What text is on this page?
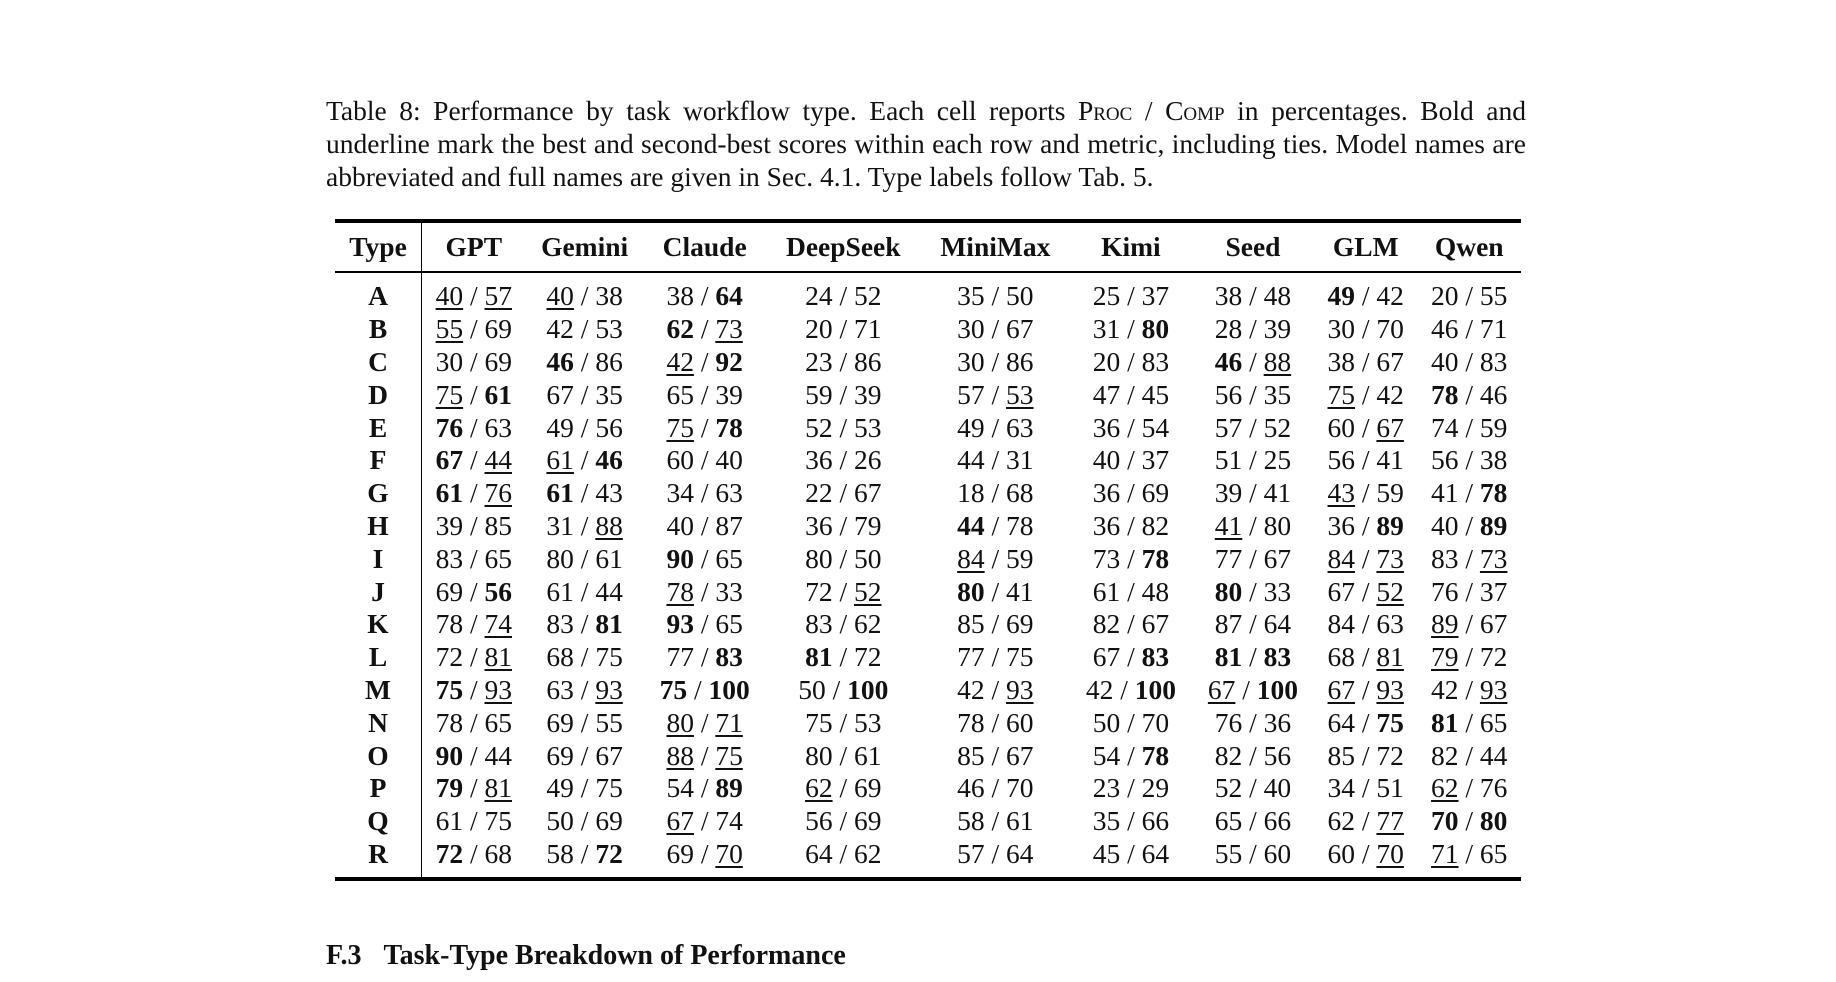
Table 8: Performance by task workflow type. Each cell reports Proc / Comp in percentages. Bold and underline mark the best and second-best scores within each row and metric, including ties. Model names are abbreviated and full names are given in Sec. 4.1. Type labels follow Tab. 5.
Type	GPT	Gemini	Claude	DeepSeek	MiniMax	Kimi	Seed	GLM	Qwen
A	40 / 57	40 / 38	38 / 64	24 / 52	35 / 50	25 / 37	38 / 48	49 / 42	20 / 55
B	55 / 69	42 / 53	62 / 73	20 / 71	30 / 67	31 / 80	28 / 39	30 / 70	46 / 71
C	30 / 69	46 / 86	42 / 92	23 / 86	30 / 86	20 / 83	46 / 88	38 / 67	40 / 83
D	75 / 61	67 / 35	65 / 39	59 / 39	57 / 53	47 / 45	56 / 35	75 / 42	78 / 46
E	76 / 63	49 / 56	75 / 78	52 / 53	49 / 63	36 / 54	57 / 52	60 / 67	74 / 59
F	67 / 44	61 / 46	60 / 40	36 / 26	44 / 31	40 / 37	51 / 25	56 / 41	56 / 38
G	61 / 76	61 / 43	34 / 63	22 / 67	18 / 68	36 / 69	39 / 41	43 / 59	41 / 78
H	39 / 85	31 / 88	40 / 87	36 / 79	44 / 78	36 / 82	41 / 80	36 / 89	40 / 89
I	83 / 65	80 / 61	90 / 65	80 / 50	84 / 59	73 / 78	77 / 67	84 / 73	83 / 73
J	69 / 56	61 / 44	78 / 33	72 / 52	80 / 41	61 / 48	80 / 33	67 / 52	76 / 37
K	78 / 74	83 / 81	93 / 65	83 / 62	85 / 69	82 / 67	87 / 64	84 / 63	89 / 67
L	72 / 81	68 / 75	77 / 83	81 / 72	77 / 75	67 / 83	81 / 83	68 / 81	79 / 72
M	75 / 93	63 / 93	75 / 100	50 / 100	42 / 93	42 / 100	67 / 100	67 / 93	42 / 93
N	78 / 65	69 / 55	80 / 71	75 / 53	78 / 60	50 / 70	76 / 36	64 / 75	81 / 65
O	90 / 44	69 / 67	88 / 75	80 / 61	85 / 67	54 / 78	82 / 56	85 / 72	82 / 44
P	79 / 81	49 / 75	54 / 89	62 / 69	46 / 70	23 / 29	52 / 40	34 / 51	62 / 76
Q	61 / 75	50 / 69	67 / 74	56 / 69	58 / 61	35 / 66	65 / 66	62 / 77	70 / 80
R	72 / 68	58 / 72	69 / 70	64 / 62	57 / 64	45 / 64	55 / 60	60 / 70	71 / 65
F.3 Task-Type Breakdown of Performance
